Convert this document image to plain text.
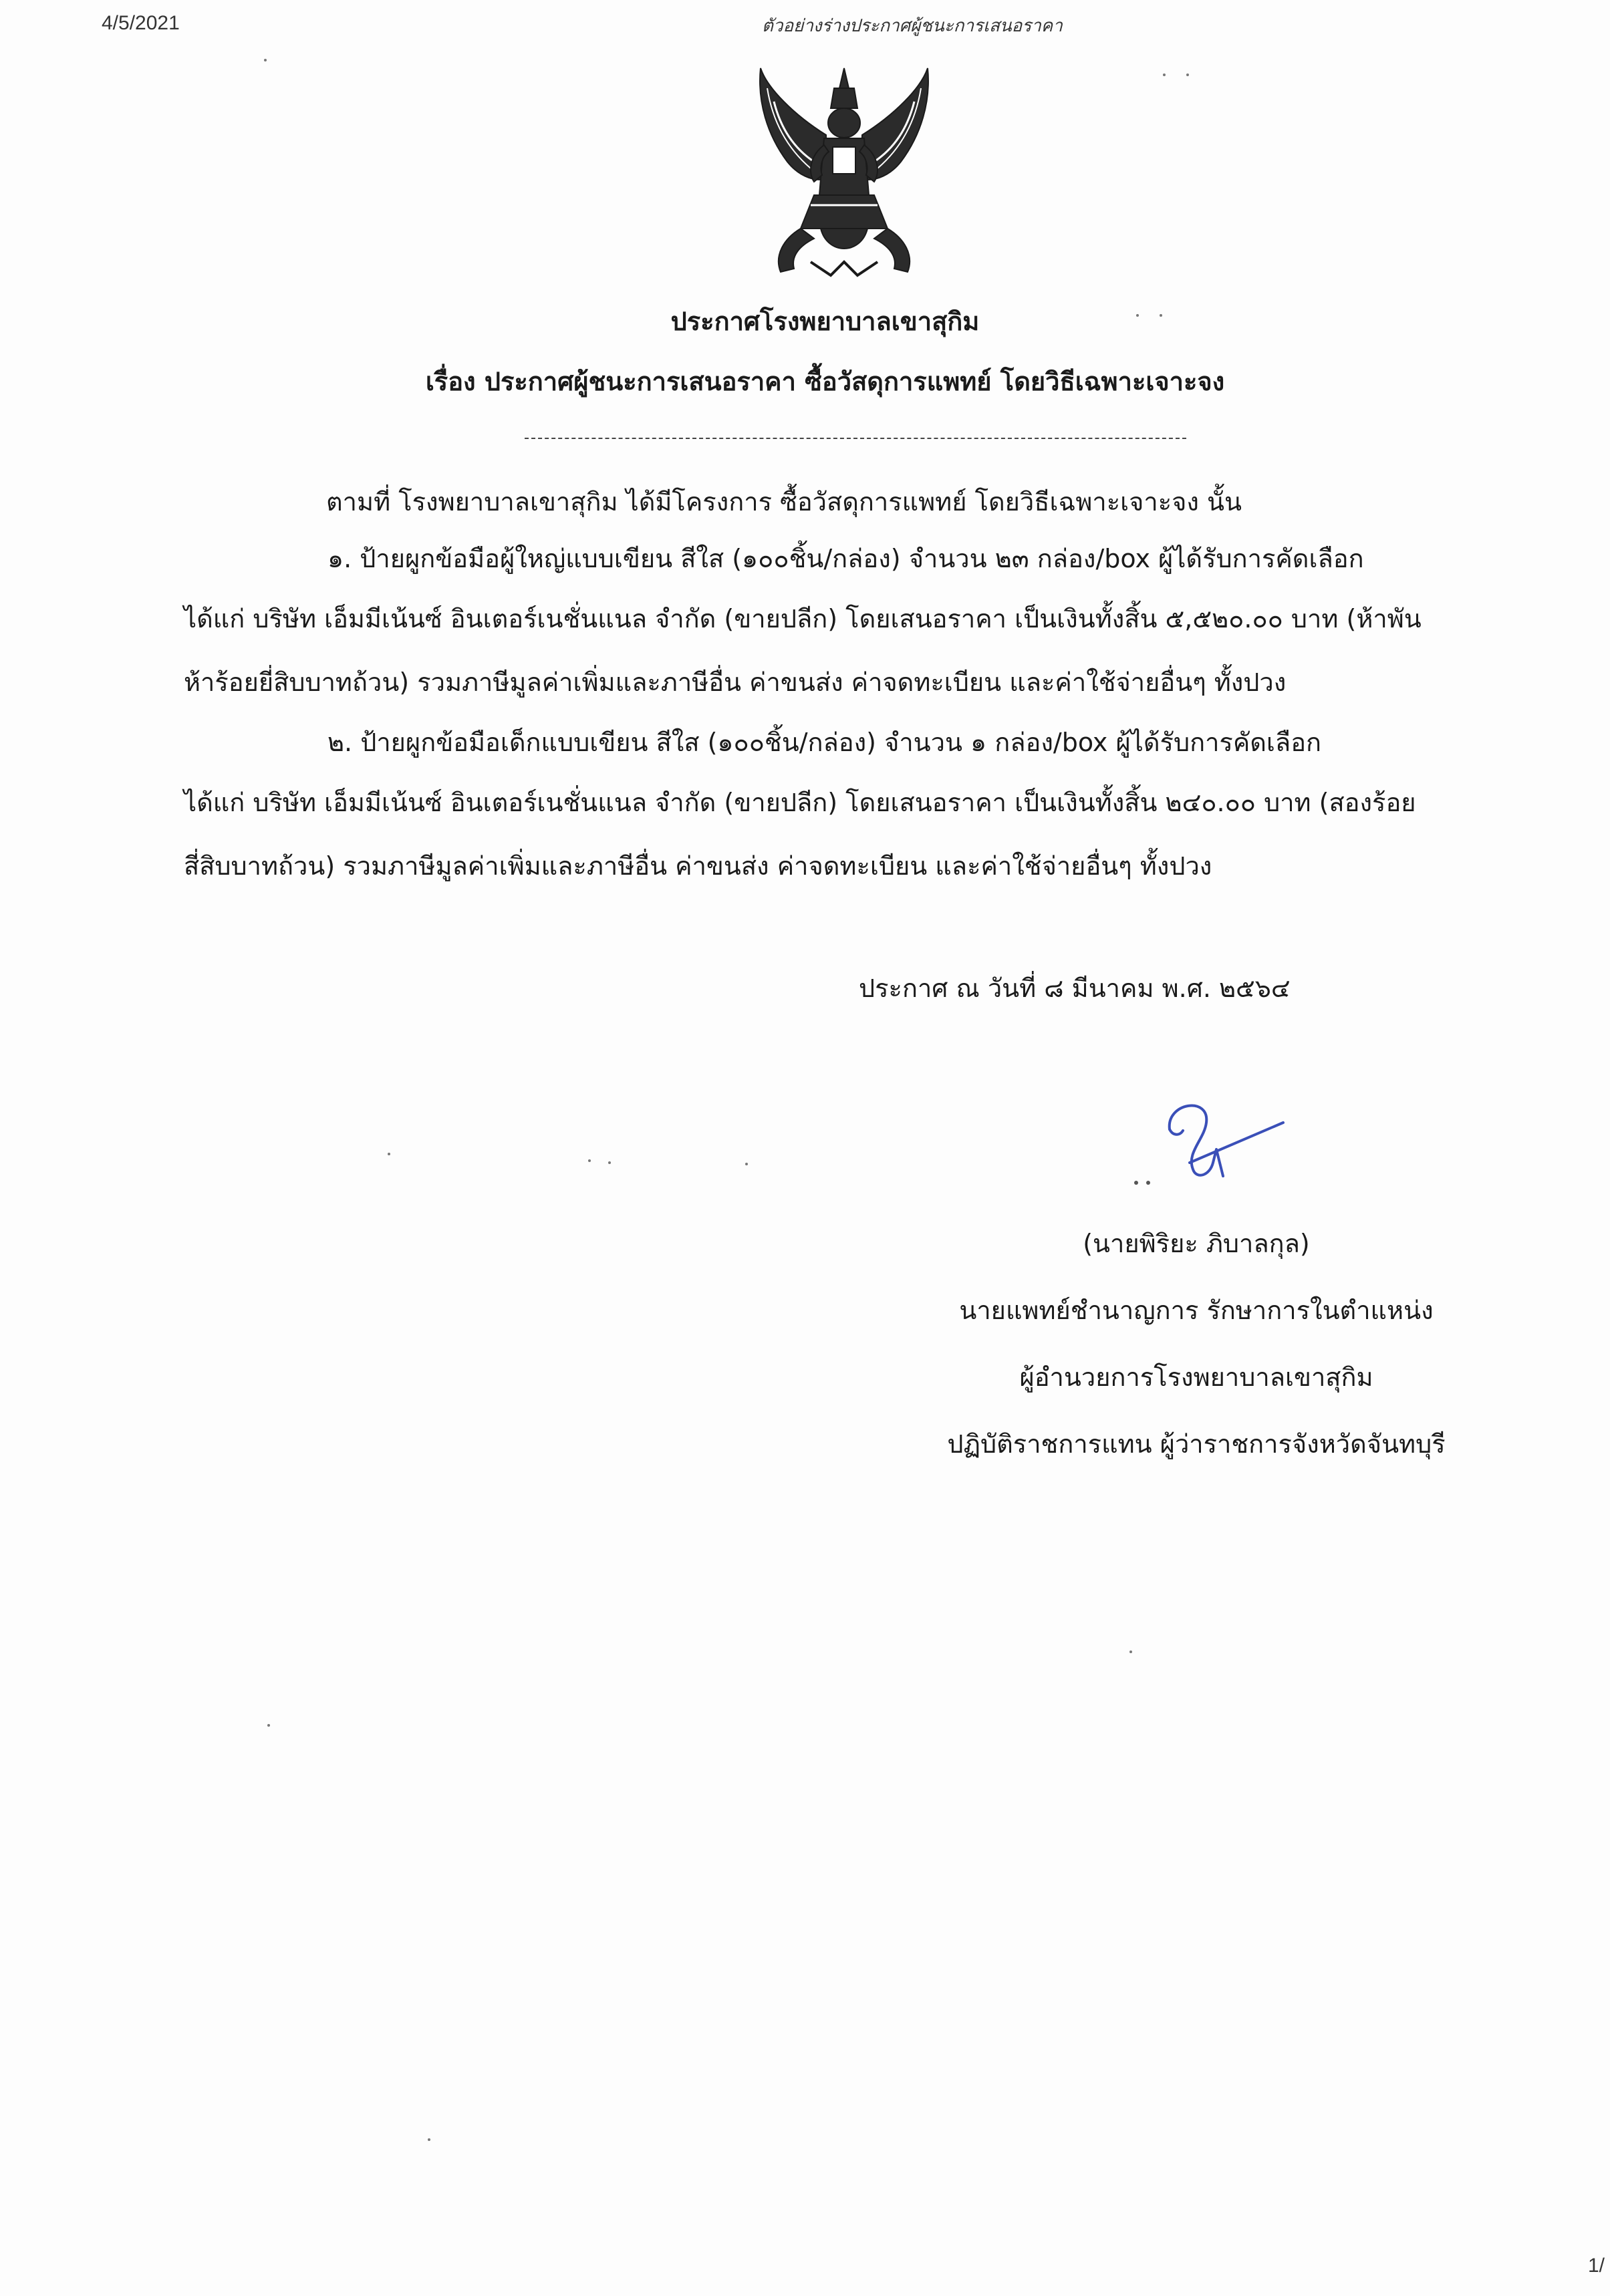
4/5/2021	ตัวอย่างร่างประกาศผู้ชนะการเสนอราคา
ประกาศโรงพยาบาลเขาสุกิม
เรื่อง ประกาศผู้ชนะการเสนอราคา ซื้อวัสดุการแพทย์ โดยวิธีเฉพาะเจาะจง
ตามที่ โรงพยาบาลเขาสุกิม ได้มีโครงการ ซื้อวัสดุการแพทย์ โดยวิธีเฉพาะเจาะจง นั้น
๑. ป้ายผูกข้อมือผู้ใหญ่แบบเขียน สีใส (๑๐๐ชิ้น/กล่อง) จำนวน ๒๓ กล่อง/box ผู้ได้รับการคัดเลือก
ได้แก่ บริษัท เอ็มมีเน้นซ์ อินเตอร์เนชั่นแนล จำกัด (ขายปลีก) โดยเสนอราคา เป็นเงินทั้งสิ้น ๕,๕๒๐.๐๐ บาท (ห้าพัน
ห้าร้อยยี่สิบบาทถ้วน) รวมภาษีมูลค่าเพิ่มและภาษีอื่น ค่าขนส่ง ค่าจดทะเบียน และค่าใช้จ่ายอื่นๆ ทั้งปวง
๒. ป้ายผูกข้อมือเด็กแบบเขียน สีใส (๑๐๐ชิ้น/กล่อง) จำนวน ๑ กล่อง/box ผู้ได้รับการคัดเลือก
ได้แก่ บริษัท เอ็มมีเน้นซ์ อินเตอร์เนชั่นแนล จำกัด (ขายปลีก) โดยเสนอราคา เป็นเงินทั้งสิ้น ๒๔๐.๐๐ บาท (สองร้อย
สี่สิบบาทถ้วน) รวมภาษีมูลค่าเพิ่มและภาษีอื่น ค่าขนส่ง ค่าจดทะเบียน และค่าใช้จ่ายอื่นๆ ทั้งปวง
ประกาศ ณ วันที่ ๘ มีนาคม พ.ศ. ๒๕๖๔
(นายพิริยะ ภิบาลกุล)
นายแพทย์ชำนาญการ รักษาการในตำแหน่ง
ผู้อำนวยการโรงพยาบาลเขาสุกิม
ปฏิบัติราชการแทน ผู้ว่าราชการจังหวัดจันทบุรี
1/
